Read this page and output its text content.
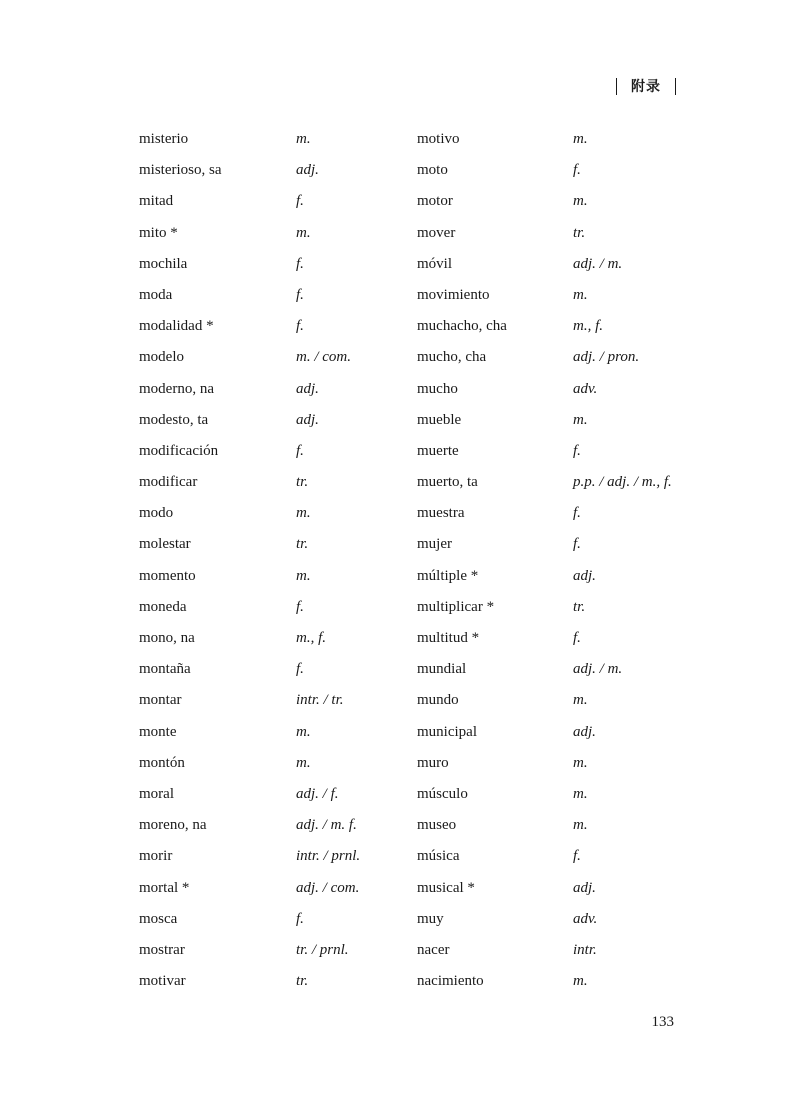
附录
misterio	m.
misterioso, sa	adj.
mitad	f.
mito *	m.
mochila	f.
moda	f.
modalidad *	f.
modelo	m. / com.
moderno, na	adj.
modesto, ta	adj.
modificación	f.
modificar	tr.
modo	m.
molestar	tr.
momento	m.
moneda	f.
mono, na	m., f.
montaña	f.
montar	intr. / tr.
monte	m.
montón	m.
moral	adj. / f.
moreno, na	adj. / m. f.
morir	intr. / prnl.
mortal *	adj. / com.
mosca	f.
mostrar	tr. / prnl.
motivar	tr.
motivo	m.
moto	f.
motor	m.
mover	tr.
móvil	adj. / m.
movimiento	m.
muchacho, cha	m., f.
mucho, cha	adj. / pron.
mucho	adv.
mueble	m.
muerte	f.
muerto, ta	p.p. / adj. / m., f.
muestra	f.
mujer	f.
múltiple *	adj.
multiplicar *	tr.
multitud *	f.
mundial	adj. / m.
mundo	m.
municipal	adj.
muro	m.
músculo	m.
museo	m.
música	f.
musical *	adj.
muy	adv.
nacer	intr.
nacimiento	m.
133
